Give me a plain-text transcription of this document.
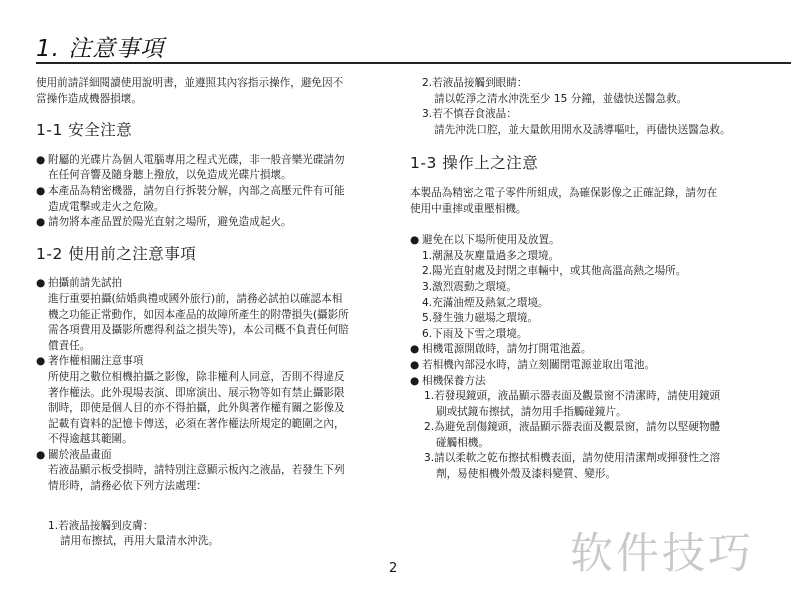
1. 注意事項
使用前請詳細閱讀使用說明書，並遵照其內容指示操作，避免因不
當操作造成機器損壞。
1-1 安全注意
● 附屬的光碟片為個人電腦專用之程式光碟，非一般音樂光碟請勿
在任何音響及隨身聽上撥放，以免造成光碟片損壞。
● 本產品為精密機器，請勿自行拆裝分解，內部之高壓元件有可能
造成電擊或走火之危險。
● 請勿將本產品置於陽光直射之場所，避免造成起火。
1-2 使用前之注意事項
● 拍攝前請先試拍
進行重要拍攝(結婚典禮或國外旅行)前，請務必試拍以確認本相
機之功能正常動作，如因本產品的故障所產生的附帶損失(攝影所
需各項費用及攝影所應得利益之損失等)，本公司概不負責任何賠
償責任。
● 著作權相關注意事項
所使用之數位相機拍攝之影像，除非權利人同意，否則不得違反
著作權法。此外現場表演、即席演出、展示物等如有禁止攝影限
制時，即使是個人目的亦不得拍攝，此外與著作權有關之影像及
記載有資料的記憶卡傳送，必須在著作權法所規定的範圍之內，
不得逾越其範圍。
● 關於液晶畫面
若液晶顯示板受損時，請特別注意顯示板內之液晶，若發生下列
情形時，請務必依下列方法處理：
1.若液晶接觸到皮膚：
請用布擦拭，再用大量清水沖洗。
2.若液晶接觸到眼睛：
請以乾淨之清水沖洗至少 15 分鐘，並儘快送醫急救。
3.若不慎吞食液晶：
請先沖洗口腔，並大量飲用開水及誘導嘔吐，再儘快送醫急救。
1-3 操作上之注意
本製品為精密之電子零件所組成，為確保影像之正確記錄，請勿在
使用中重摔或重壓相機。
● 避免在以下場所使用及放置。
1.潮濕及灰塵量過多之環境。
2.陽光直射處及封閉之車輛中，或其他高溫高熱之場所。
3.激烈震動之環境。
4.充滿油煙及熱氣之環境。
5.發生強力磁場之環境。
6.下雨及下雪之環境。
● 相機電源開啟時，請勿打開電池蓋。
● 若相機內部浸水時，請立刻關閉電源並取出電池。
● 相機保養方法
1.若發現鏡頭，液晶顯示器表面及觀景窗不清潔時，請使用鏡頭
刷或拭鏡布擦拭，請勿用手指觸碰鏡片。
2.為避免刮傷鏡頭，液晶顯示器表面及觀景窗，請勿以堅硬物體
碰觸相機。
3.請以柔軟之乾布擦拭相機表面，請勿使用清潔劑或揮發性之溶
劑，易使相機外殼及漆料變質、變形。
2	软件技巧
